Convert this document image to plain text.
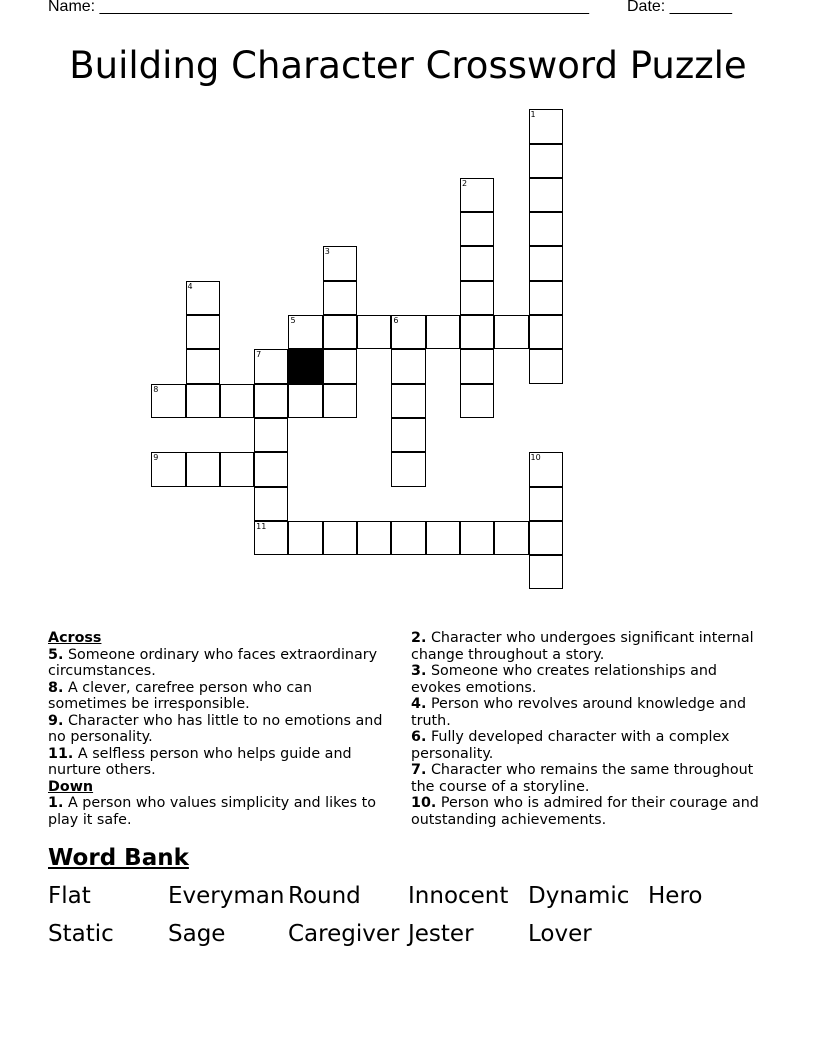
Name: _______________________________________________________ Date: _______
Building Character Crossword Puzzle
1
2
3
4
5	6
7
11
8
9	10
Across
5. Someone ordinary who faces extraordinary circumstances.
8. A clever, carefree person who can sometimes be irresponsible.
9. Character who has little to no emotions and no personality.
11. A selfless person who helps guide and nurture others.
Down
1. A person who values simplicity and likes to play it safe.
2. Character who undergoes significant internal change throughout a story.
3. Someone who creates relationships and evokes emotions.
4. Person who revolves around knowledge and truth.
6. Fully developed character with a complex personality.
7. Character who remains the same throughout the course of a storyline.
10. Person who is admired for their courage and outstanding achievements.
Word Bank
Flat	Everyman Round Innocent Dynamic Hero
Static Sage	Caregiver Jester Lover
